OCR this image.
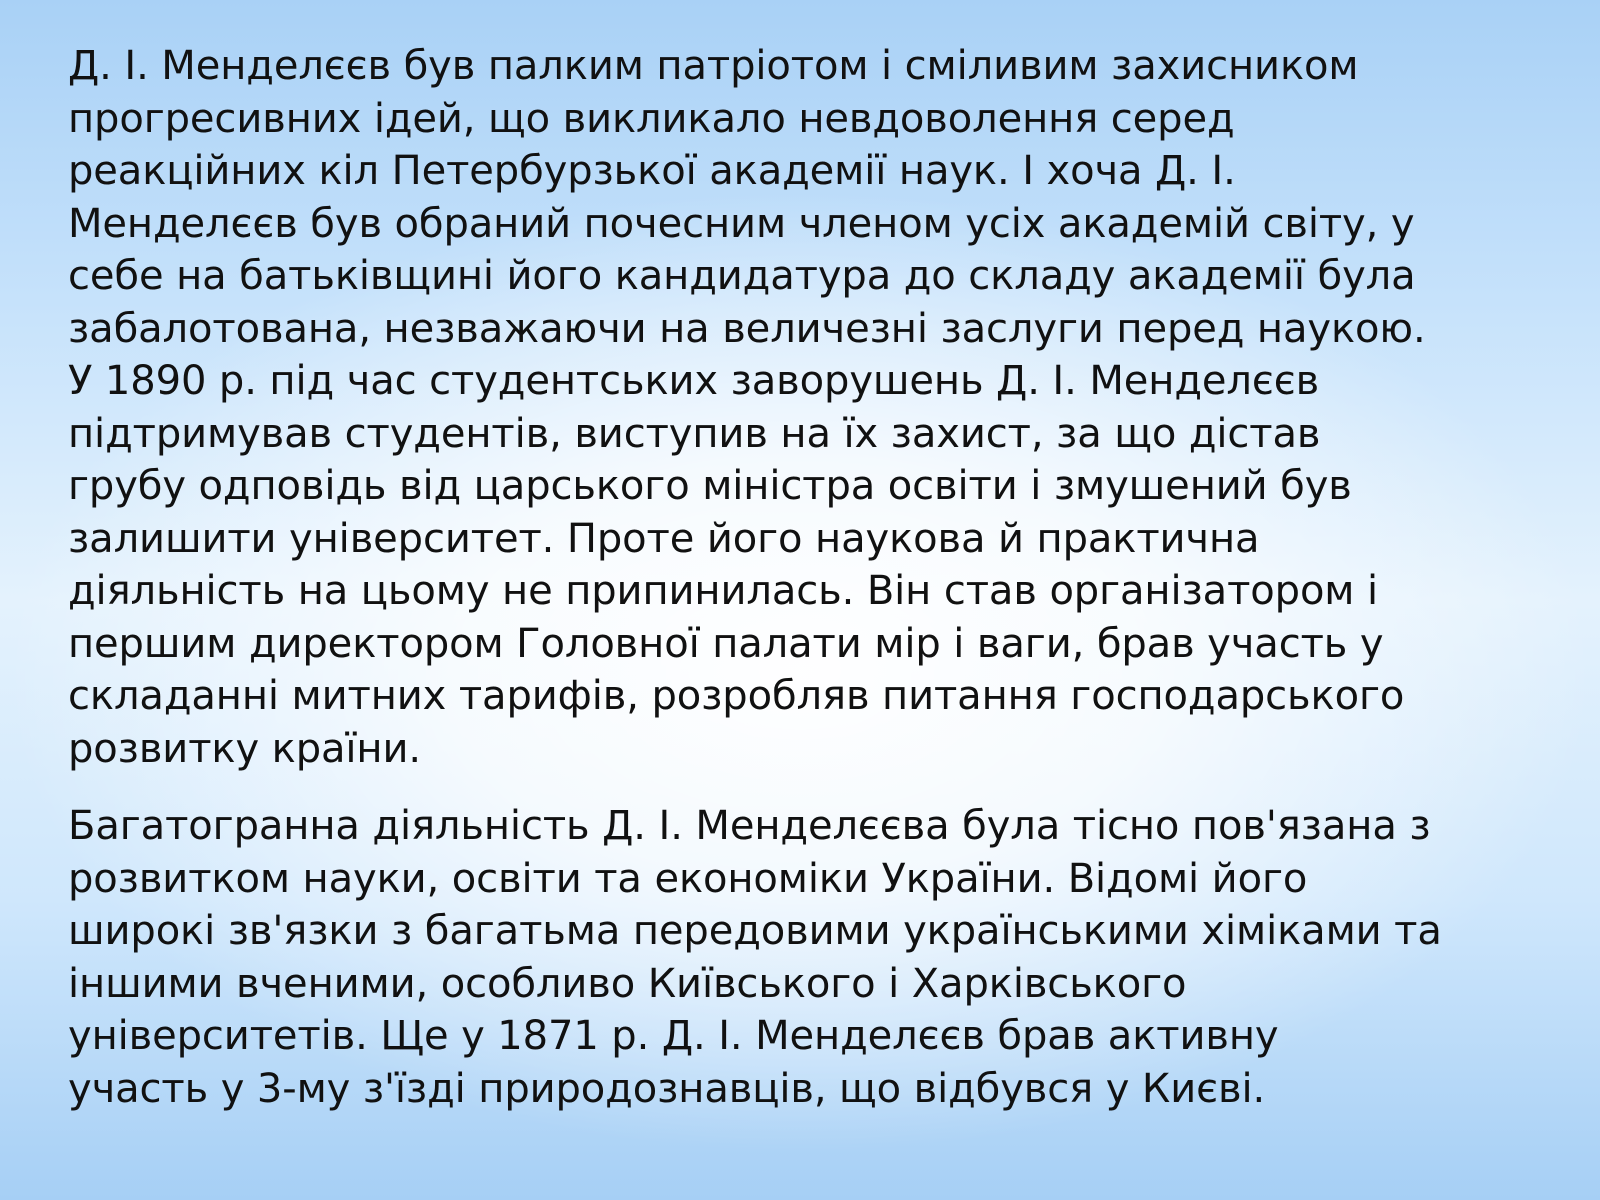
Д. І. Менделєєв був палким патріотом і сміливим захисником
прогресивних ідей, що викликало невдоволення серед
реакційних кіл Петербурзької академії наук. І хоча Д. І.
Менделєєв був обраний почесним членом усіх академій світу, у
себе на батьківщині його кандидатура до складу академії була
забалотована, незважаючи на величезні заслуги перед наукою.
У 1890 р. під час студентських заворушень Д. І. Менделєєв
підтримував студентів, виступив на їх захист, за що дістав
грубу одповідь від царського міністра освіти і змушений був
залишити університет. Проте його наукова й практична
діяльність на цьому не припинилась. Він став організатором і
першим директором Головної палати мір і ваги, брав участь у
складанні митних тарифів, розробляв питання господарського
розвитку країни.

Багатогранна діяльність Д. І. Менделєєва була тісно пов'язана з
розвитком науки, освіти та економіки України. Відомі його
широкі зв'язки з багатьма передовими українськими хіміками та
іншими вченими, особливо Київського і Харківського
університетів. Ще у 1871 р. Д. І. Менделєєв брав активну
участь у 3-му з'їзді природознавців, що відбувся у Києві.
